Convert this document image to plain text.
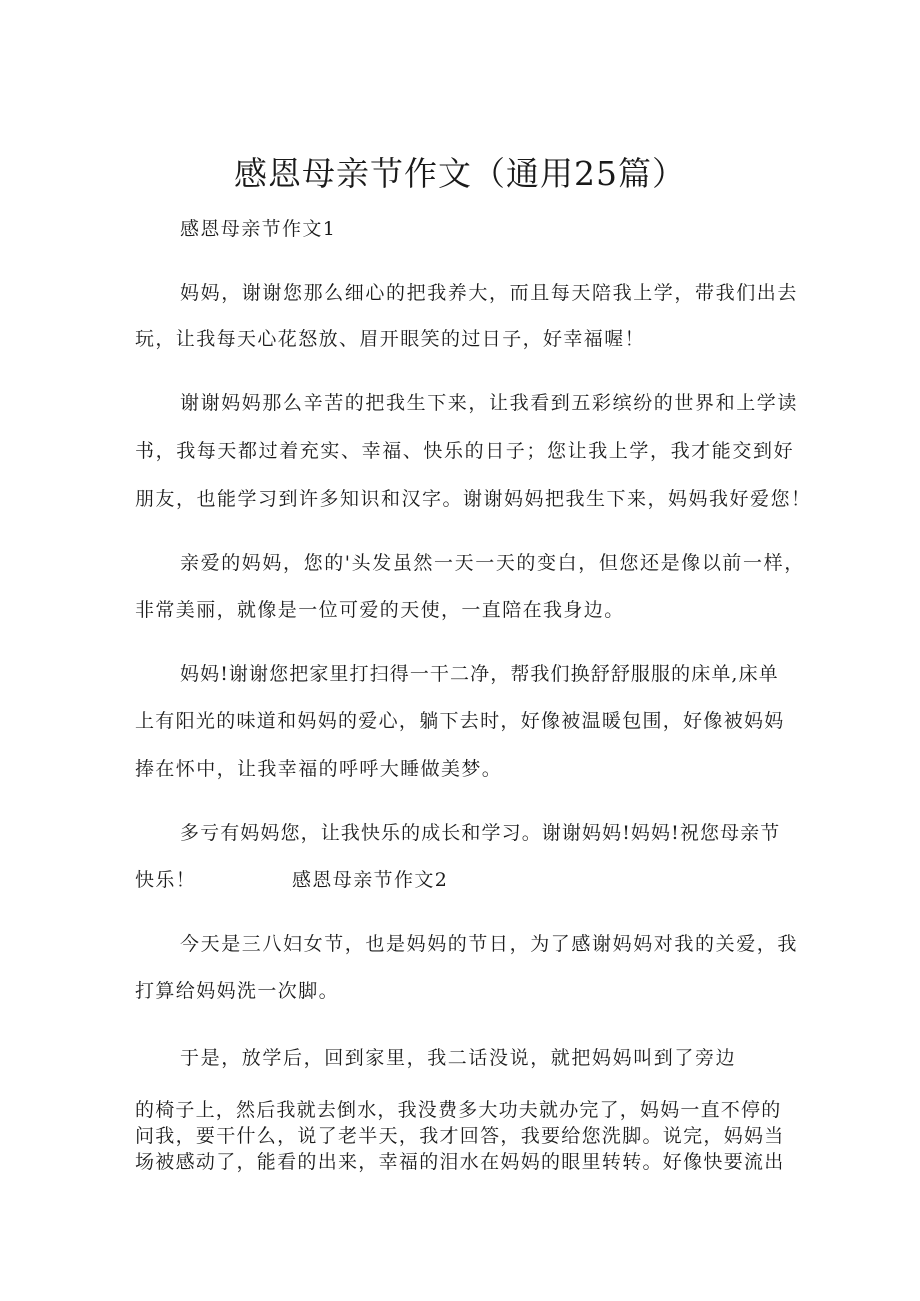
感恩母亲节作文（通用25篇）
感恩母亲节作文1
妈妈，谢谢您那么细心的把我养大，而且每天陪我上学，带我们出去
玩，让我每天心花怒放、眉开眼笑的过日子，好幸福喔！
谢谢妈妈那么辛苦的把我生下来，让我看到五彩缤纷的世界和上学读
书，我每天都过着充实、幸福、快乐的日子；您让我上学，我才能交到好
朋友，也能学习到许多知识和汉字。谢谢妈妈把我生下来，妈妈我好爱您！
亲爱的妈妈，您的'头发虽然一天一天的变白，但您还是像以前一样，
非常美丽，就像是一位可爱的天使，一直陪在我身边。
妈妈!谢谢您把家里打扫得一干二净，帮我们换舒舒服服的床单,床单
上有阳光的味道和妈妈的爱心，躺下去时，好像被温暖包围，好像被妈妈
捧在怀中，让我幸福的呼呼大睡做美梦。
多亏有妈妈您，让我快乐的成长和学习。谢谢妈妈!妈妈!祝您母亲节
快乐！	感恩母亲节作文2
今天是三八妇女节，也是妈妈的节日，为了感谢妈妈对我的关爱，我
打算给妈妈洗一次脚。
于是，放学后，回到家里，我二话没说，就把妈妈叫到了旁边
的椅子上，然后我就去倒水，我没费多大功夫就办完了，妈妈一直不停的
问我，要干什么，说了老半天，我才回答，我要给您洗脚。说完，妈妈当
场被感动了，能看的出来，幸福的泪水在妈妈的眼里转转。好像快要流出
